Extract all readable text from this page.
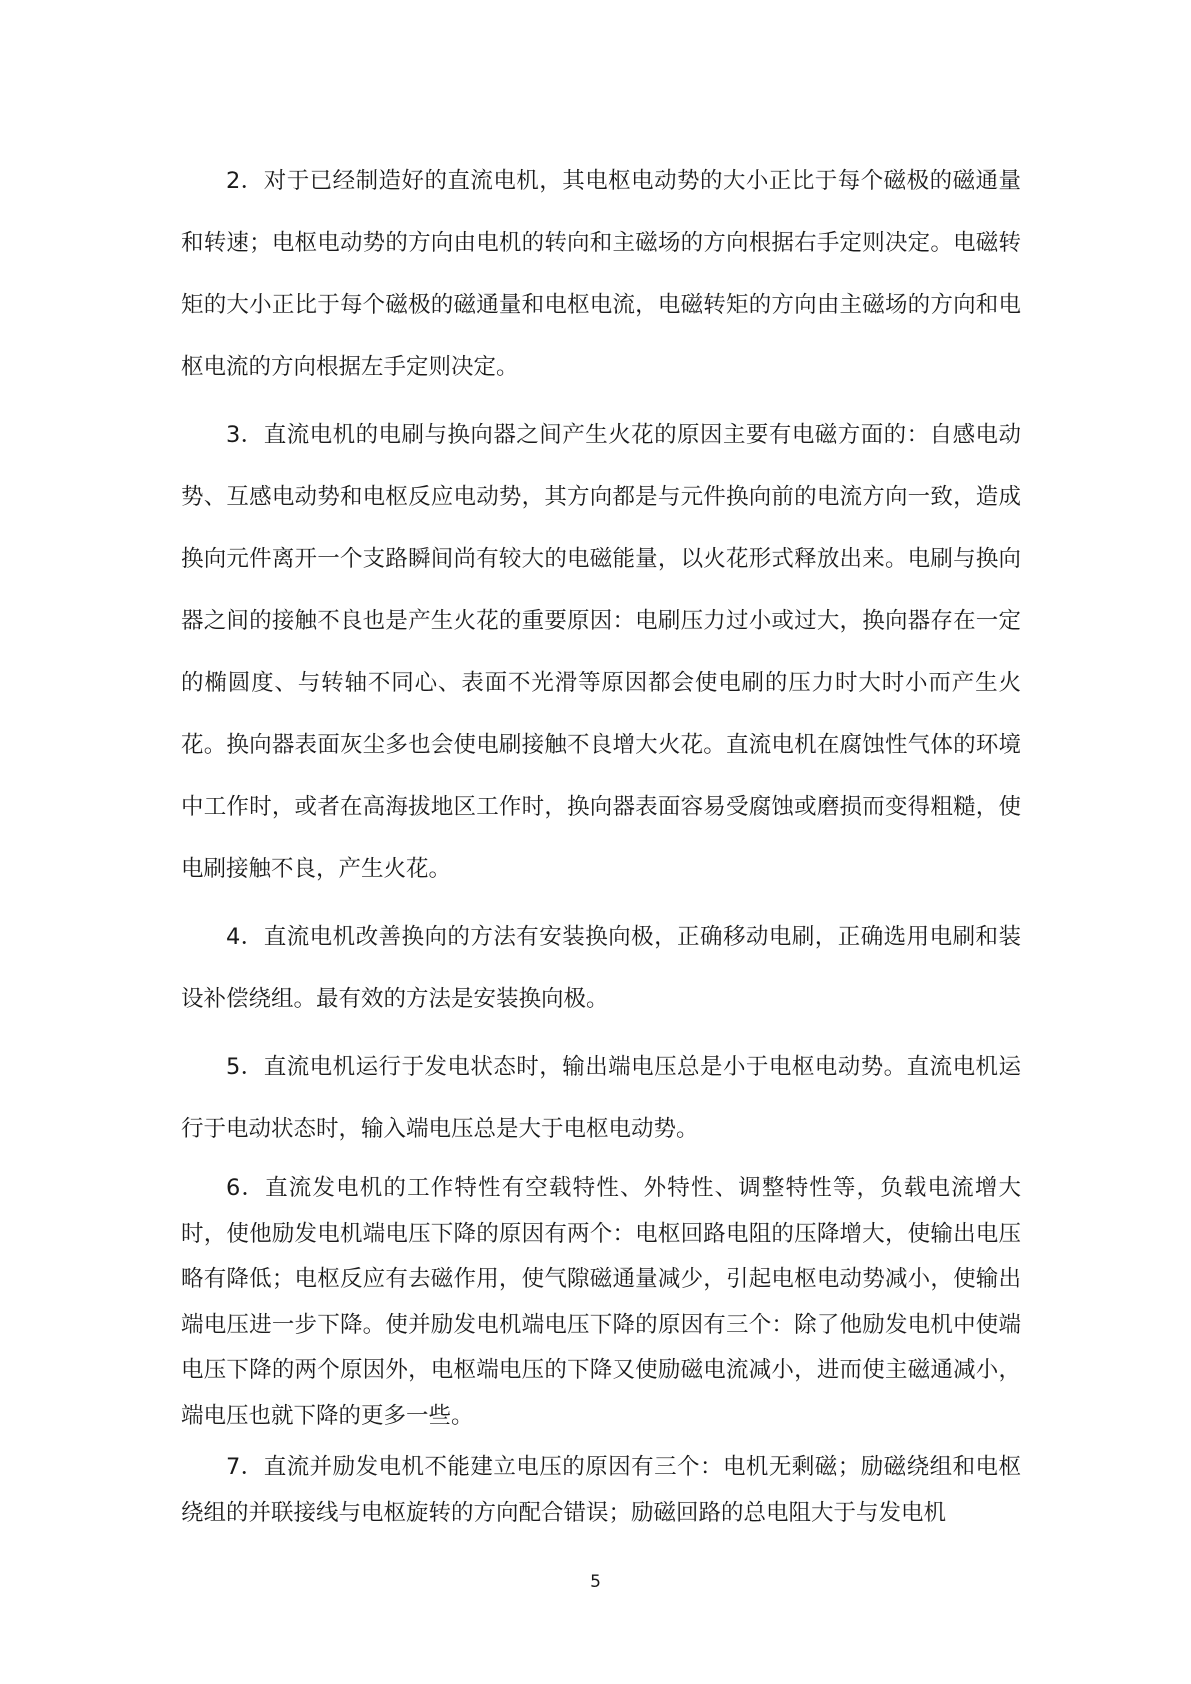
2．对于已经制造好的直流电机，其电枢电动势的大小正比于每个磁极的磁通量和转速；电枢电动势的方向由电机的转向和主磁场的方向根据右手定则决定。电磁转矩的大小正比于每个磁极的磁通量和电枢电流，电磁转矩的方向由主磁场的方向和电枢电流的方向根据左手定则决定。

3．直流电机的电刷与换向器之间产生火花的原因主要有电磁方面的：自感电动势、互感电动势和电枢反应电动势，其方向都是与元件换向前的电流方向一致，造成换向元件离开一个支路瞬间尚有较大的电磁能量，以火花形式释放出来。电刷与换向器之间的接触不良也是产生火花的重要原因：电刷压力过小或过大，换向器存在一定的椭圆度、与转轴不同心、表面不光滑等原因都会使电刷的压力时大时小而产生火花。换向器表面灰尘多也会使电刷接触不良增大火花。直流电机在腐蚀性气体的环境中工作时，或者在高海拔地区工作时，换向器表面容易受腐蚀或磨损而变得粗糙，使电刷接触不良，产生火花。

4．直流电机改善换向的方法有安装换向极，正确移动电刷，正确选用电刷和装设补偿绕组。最有效的方法是安装换向极。

5．直流电机运行于发电状态时，输出端电压总是小于电枢电动势。直流电机运行于电动状态时，输入端电压总是大于电枢电动势。

6．直流发电机的工作特性有空载特性、外特性、调整特性等，负载电流增大时，使他励发电机端电压下降的原因有两个：电枢回路电阻的压降增大，使输出电压略有降低；电枢反应有去磁作用，使气隙磁通量减少，引起电枢电动势减小，使输出端电压进一步下降。使并励发电机端电压下降的原因有三个：除了他励发电机中使端电压下降的两个原因外，电枢端电压的下降又使励磁电流减小，进而使主磁通减小，端电压也就下降的更多一些。

7．直流并励发电机不能建立电压的原因有三个：电机无剩磁；励磁绕组和电枢绕组的并联接线与电枢旋转的方向配合错误；励磁回路的总电阻大于与发电机

5
